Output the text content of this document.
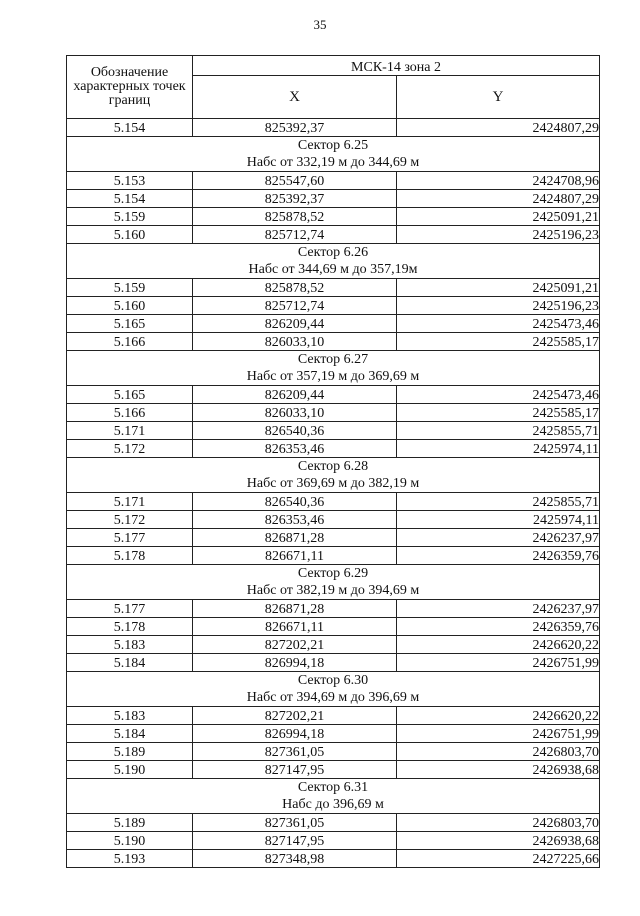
35
Обозначение характерных точек границ	МСК-14 зона 2	
	X	Y
5.154	825392,37	2424807,29

Сектор 6.25
Набс от 332,19 м до 344,69 м		

5.153	825547,60	2424708,96
5.154	825392,37	2424807,29
5.159	825878,52	2425091,21
5.160	825712,74	2425196,23

Сектор 6.26
Набс от 344,69 м до 357,19м		

5.159	825878,52	2425091,21
5.160	825712,74	2425196,23
5.165	826209,44	2425473,46
5.166	826033,10	2425585,17

Сектор 6.27
Набс от 357,19 м до 369,69 м		

5.165	826209,44	2425473,46
5.166	826033,10	2425585,17
5.171	826540,36	2425855,71
5.172	826353,46	2425974,11

Сектор 6.28
Набс от 369,69 м до 382,19 м		

5.171	826540,36	2425855,71
5.172	826353,46	2425974,11
5.177	826871,28	2426237,97
5.178	826671,11	2426359,76

Сектор 6.29
Набс от 382,19 м до 394,69 м		

5.177	826871,28	2426237,97
5.178	826671,11	2426359,76
5.183	827202,21	2426620,22
5.184	826994,18	2426751,99

Сектор 6.30
Набс от 394,69 м до 396,69 м		

5.183	827202,21	2426620,22
5.184	826994,18	2426751,99
5.189	827361,05	2426803,70
5.190	827147,95	2426938,68

Сектор 6.31
Набс до 396,69 м		

5.189	827361,05	2426803,70
5.190	827147,95	2426938,68
5.193	827348,98	2427225,66
